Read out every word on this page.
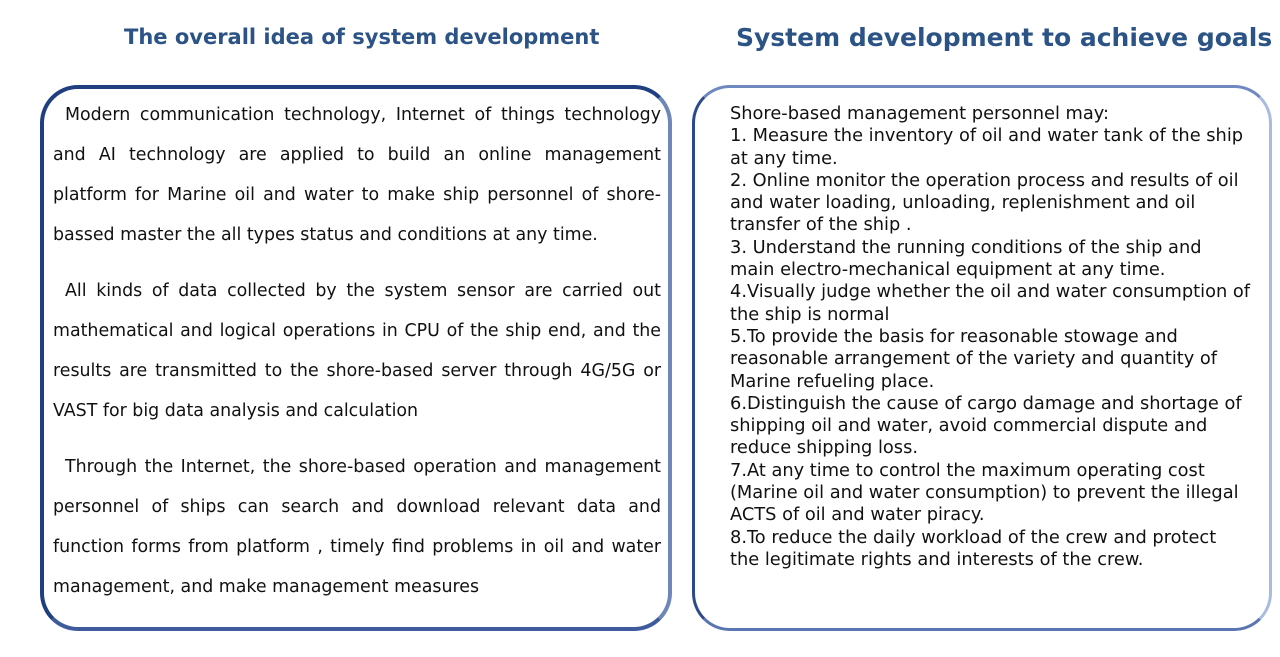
The overall idea of system development	System development to achieve goals

Modern communication technology, Internet of things technology and AI technology are applied to build an online management platform for Marine oil and water to make ship personnel of shore-bassed master the all types status and conditions at any time.

All kinds of data collected by the system sensor are carried out mathematical and logical operations in CPU of the ship end, and the results are transmitted to the shore-based server through 4G/5G or VAST for big data analysis and calculation

Through the Internet, the shore-based operation and management personnel of ships can search and download relevant data and function forms from platform , timely find problems in oil and water management, and make management measures

Shore-based management personnel may:
1. Measure the inventory of oil and water tank of the ship at any time.
2. Online monitor the operation process and results of oil and water loading, unloading, replenishment and oil transfer of the ship .
3. Understand the running conditions of the ship and main electro-mechanical equipment at any time.
4.Visually judge whether the oil and water consumption of the ship is normal
5.To provide the basis for reasonable stowage and reasonable arrangement of the variety and quantity of Marine refueling place.
6.Distinguish the cause of cargo damage and shortage of shipping oil and water, avoid commercial dispute and reduce shipping loss.
7.At any time to control the maximum operating cost (Marine oil and water consumption) to prevent the illegal ACTS of oil and water piracy.
8.To reduce the daily workload of the crew and protect the legitimate rights and interests of the crew.
